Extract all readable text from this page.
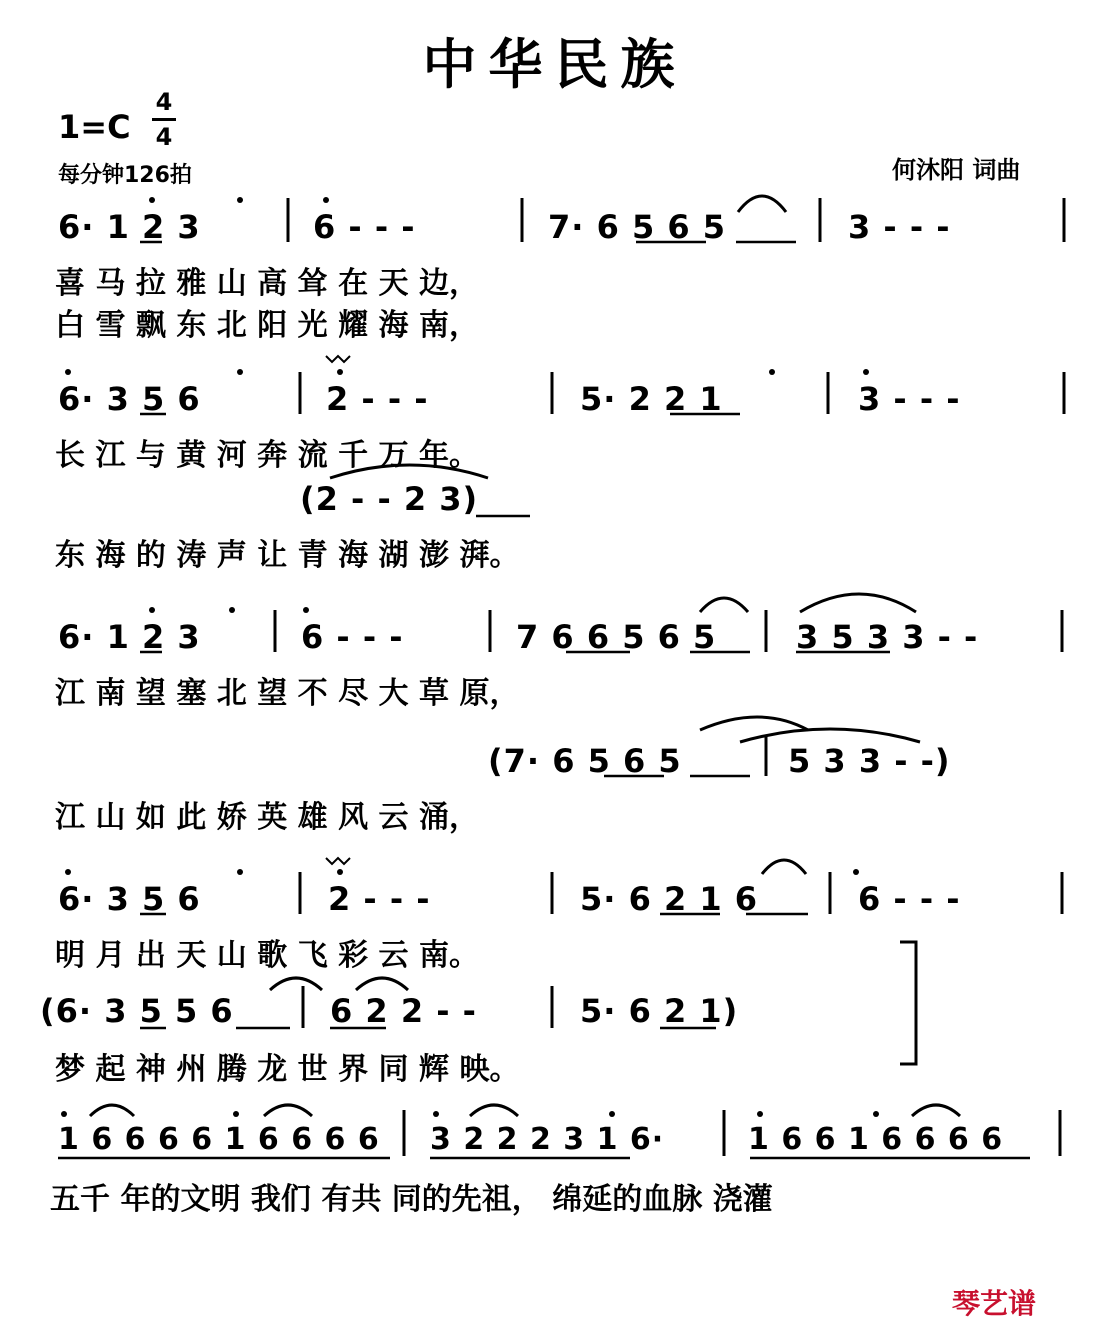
中华民族
1=C
4
4
每分钟126拍	何沐阳 词曲
6· 1 2 3	6 - - -	7· 6 5 6 5	3 - - -
喜 马 拉 雅 山 高 耸 在 天 边，
白 雪 飘 东 北 阳 光 耀 海 南，
6· 3 5 6	2 - - -	5· 2 2 1	3 - - -
长 江 与 黄 河 奔 流 千 万 年。
(2 - - 2 3)
东 海 的 涛 声 让 青 海 湖 澎 湃。
6· 1 2 3	6 - - -	7 6 6 5 6 5 3 5 3 3 - -
江 南 望 塞 北 望 不 尽 大 草 原，
(7· 6 5 6 5	5 3 3 - -)
江 山 如 此 娇 英 雄 风 云 涌，
6· 3 5 6	2 - - -	5· 6 2 1 6	6 - - -
明 月 出 天 山 歌 飞 彩 云 南。
(6· 3 5 5 6	6 2 2 - -	5· 6 2 1)
梦 起 神 州 腾 龙 世 界 同 辉 映。
1 6 6 6 6 1 6 6 6 6 3 2 2 2 3 1 6·	1 6 6 1 6 6 6 6
五千 年的文明 我们 有共 同的先祖， 绵延的血脉 浇灌
琴艺谱
